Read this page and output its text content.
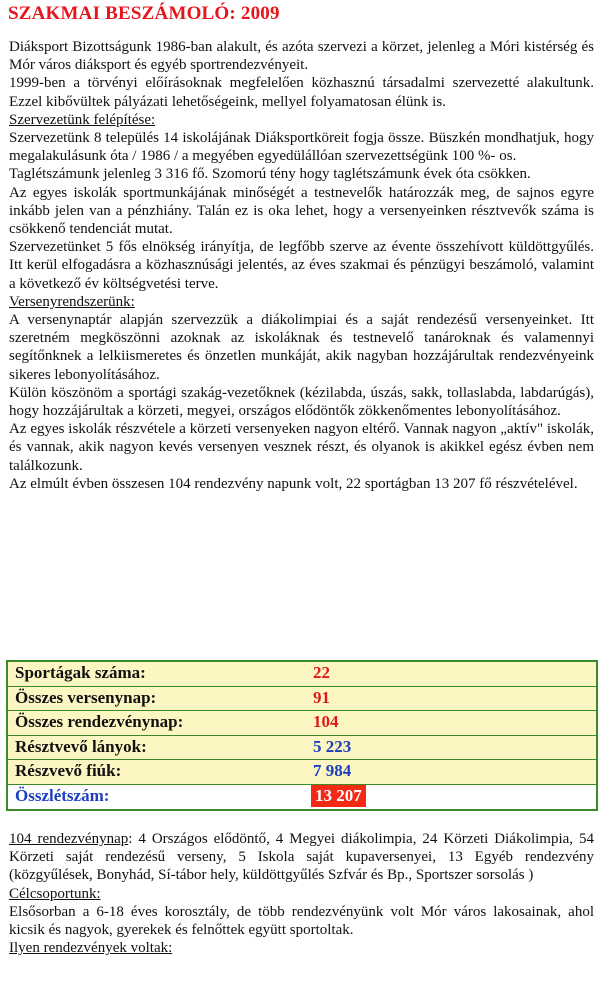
SZAKMAI BESZÁMOLÓ: 2009

Diáksport Bizottságunk 1986-ban alakult, és azóta szervezi a körzet, jelenleg a Móri kistérség és Mór város diáksport és egyéb sportrendezvényeit.

1999-ben a törvényi előírásoknak megfelelően közhasznú társadalmi szervezetté alakultunk. Ezzel kibővültek pályázati lehetőségeink, mellyel folyamatosan élünk is.

Szervezetünk felépítése:

Szervezetünk 8 település 14 iskolájának Diáksportköreit fogja össze. Büszkén mondhatjuk, hogy megalakulásunk óta / 1986 / a megyében egyedülállóan szervezettségünk 100 %- os.

Taglétszámunk jelenleg 3 316 fő. Szomorú tény hogy taglétszámunk évek óta csökken.

Az egyes iskolák sportmunkájának minőségét a testnevelők határozzák meg, de sajnos egyre inkább jelen van a pénzhiány. Talán ez is oka lehet, hogy a versenyeinken résztvevők száma is csökkenő tendenciát mutat.

Szervezetünket 5 fős elnökség irányítja, de legfőbb szerve az évente összehívott küldöttgyűlés. Itt kerül elfogadásra a közhasznúsági jelentés, az éves szakmai és pénzügyi beszámoló, valamint a következő év költségvetési terve.

Versenyrendszerünk:

A versenynaptár alapján szervezzük a diákolimpiai és a saját rendezésű versenyeinket. Itt szeretném megköszönni azoknak az iskoláknak és testnevelő tanároknak és valamennyi segítőnknek a lelkiismeretes és önzetlen munkáját, akik nagyban hozzájárultak rendezvényeink sikeres lebonyolításához.

Külön köszönöm a sportági szakág-vezetőknek (kézilabda, úszás, sakk, tollaslabda, labdarúgás), hogy hozzájárultak a körzeti, megyei, országos elődöntők zökkenőmentes lebonyolításához.

Az egyes iskolák részvétele a körzeti versenyeken nagyon eltérő. Vannak nagyon „aktív" iskolák, és vannak, akik nagyon kevés versenyen vesznek részt, és olyanok is akikkel egész évben nem találkozunk.

Az elmúlt évben összesen 104 rendezvény napunk volt, 22 sportágban 13 207 fő részvételével.

Sportágak száma:	22
Összes versenynap:	91
Összes rendezvénynap:	104
Résztvevő lányok:	5 223
Részvevő fiúk:	7 984
Összlétszám:	13 207

104 rendezvénynap: 4 Országos elődöntő, 4 Megyei diákolimpia, 24 Körzeti Diákolimpia, 54 Körzeti saját rendezésű verseny, 5 Iskola saját kupaversenyei, 13 Egyéb rendezvény (közgyűlések, Bonyhád, Sí-tábor hely, küldöttgyűlés Szfvár és Bp., Sportszer sorsolás )

Célcsoportunk:

Elsősorban a 6-18 éves korosztály, de több rendezvényünk volt Mór város lakosainak, ahol kicsik és nagyok, gyerekek és felnőttek együtt sportoltak.

Ilyen rendezvények voltak:
